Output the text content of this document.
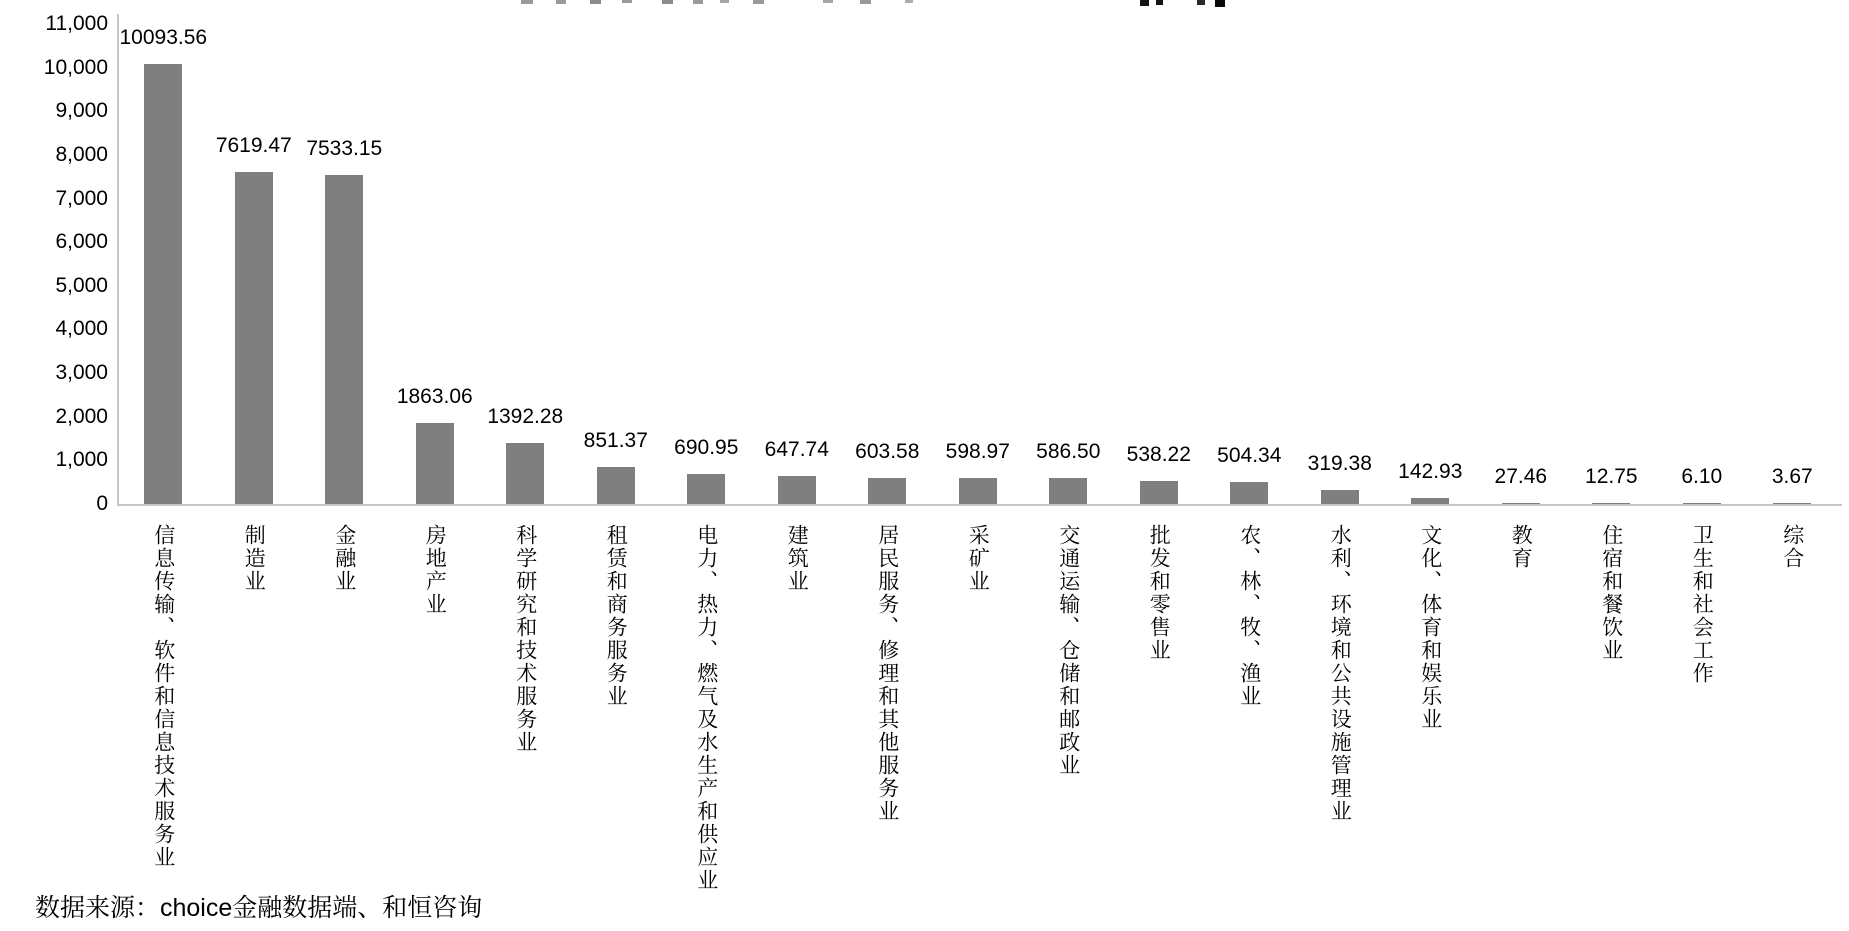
11,000
10,000
9,000
8,000
7,000
6,000
5,000
4,000
3,000
2,000
1,000
0
10093.56
7619.47 7533.15
1863.06
1392.28
851.37	690.95	647.74	603.58	598.97	586.50	538.22	504.34	319.38	142.93	27.46	12.75	6.10	3.67
信息传输、软件和信息技术服务业	制造业	金融业	房地产业	科学研究和技术服务业	租赁和商务服务业	电力、热力、燃气及水生产和供应业	建筑业	居民服务、修理和其他服务业	采矿业	交通运输、仓储和邮政业	批发和零售业	农、林、牧、渔业	水利、环境和公共设施管理业	文化、体育和娱乐业	教育	住宿和餐饮业	卫生和社会工作	综合
数据来源：choice金融数据端、和恒咨询
